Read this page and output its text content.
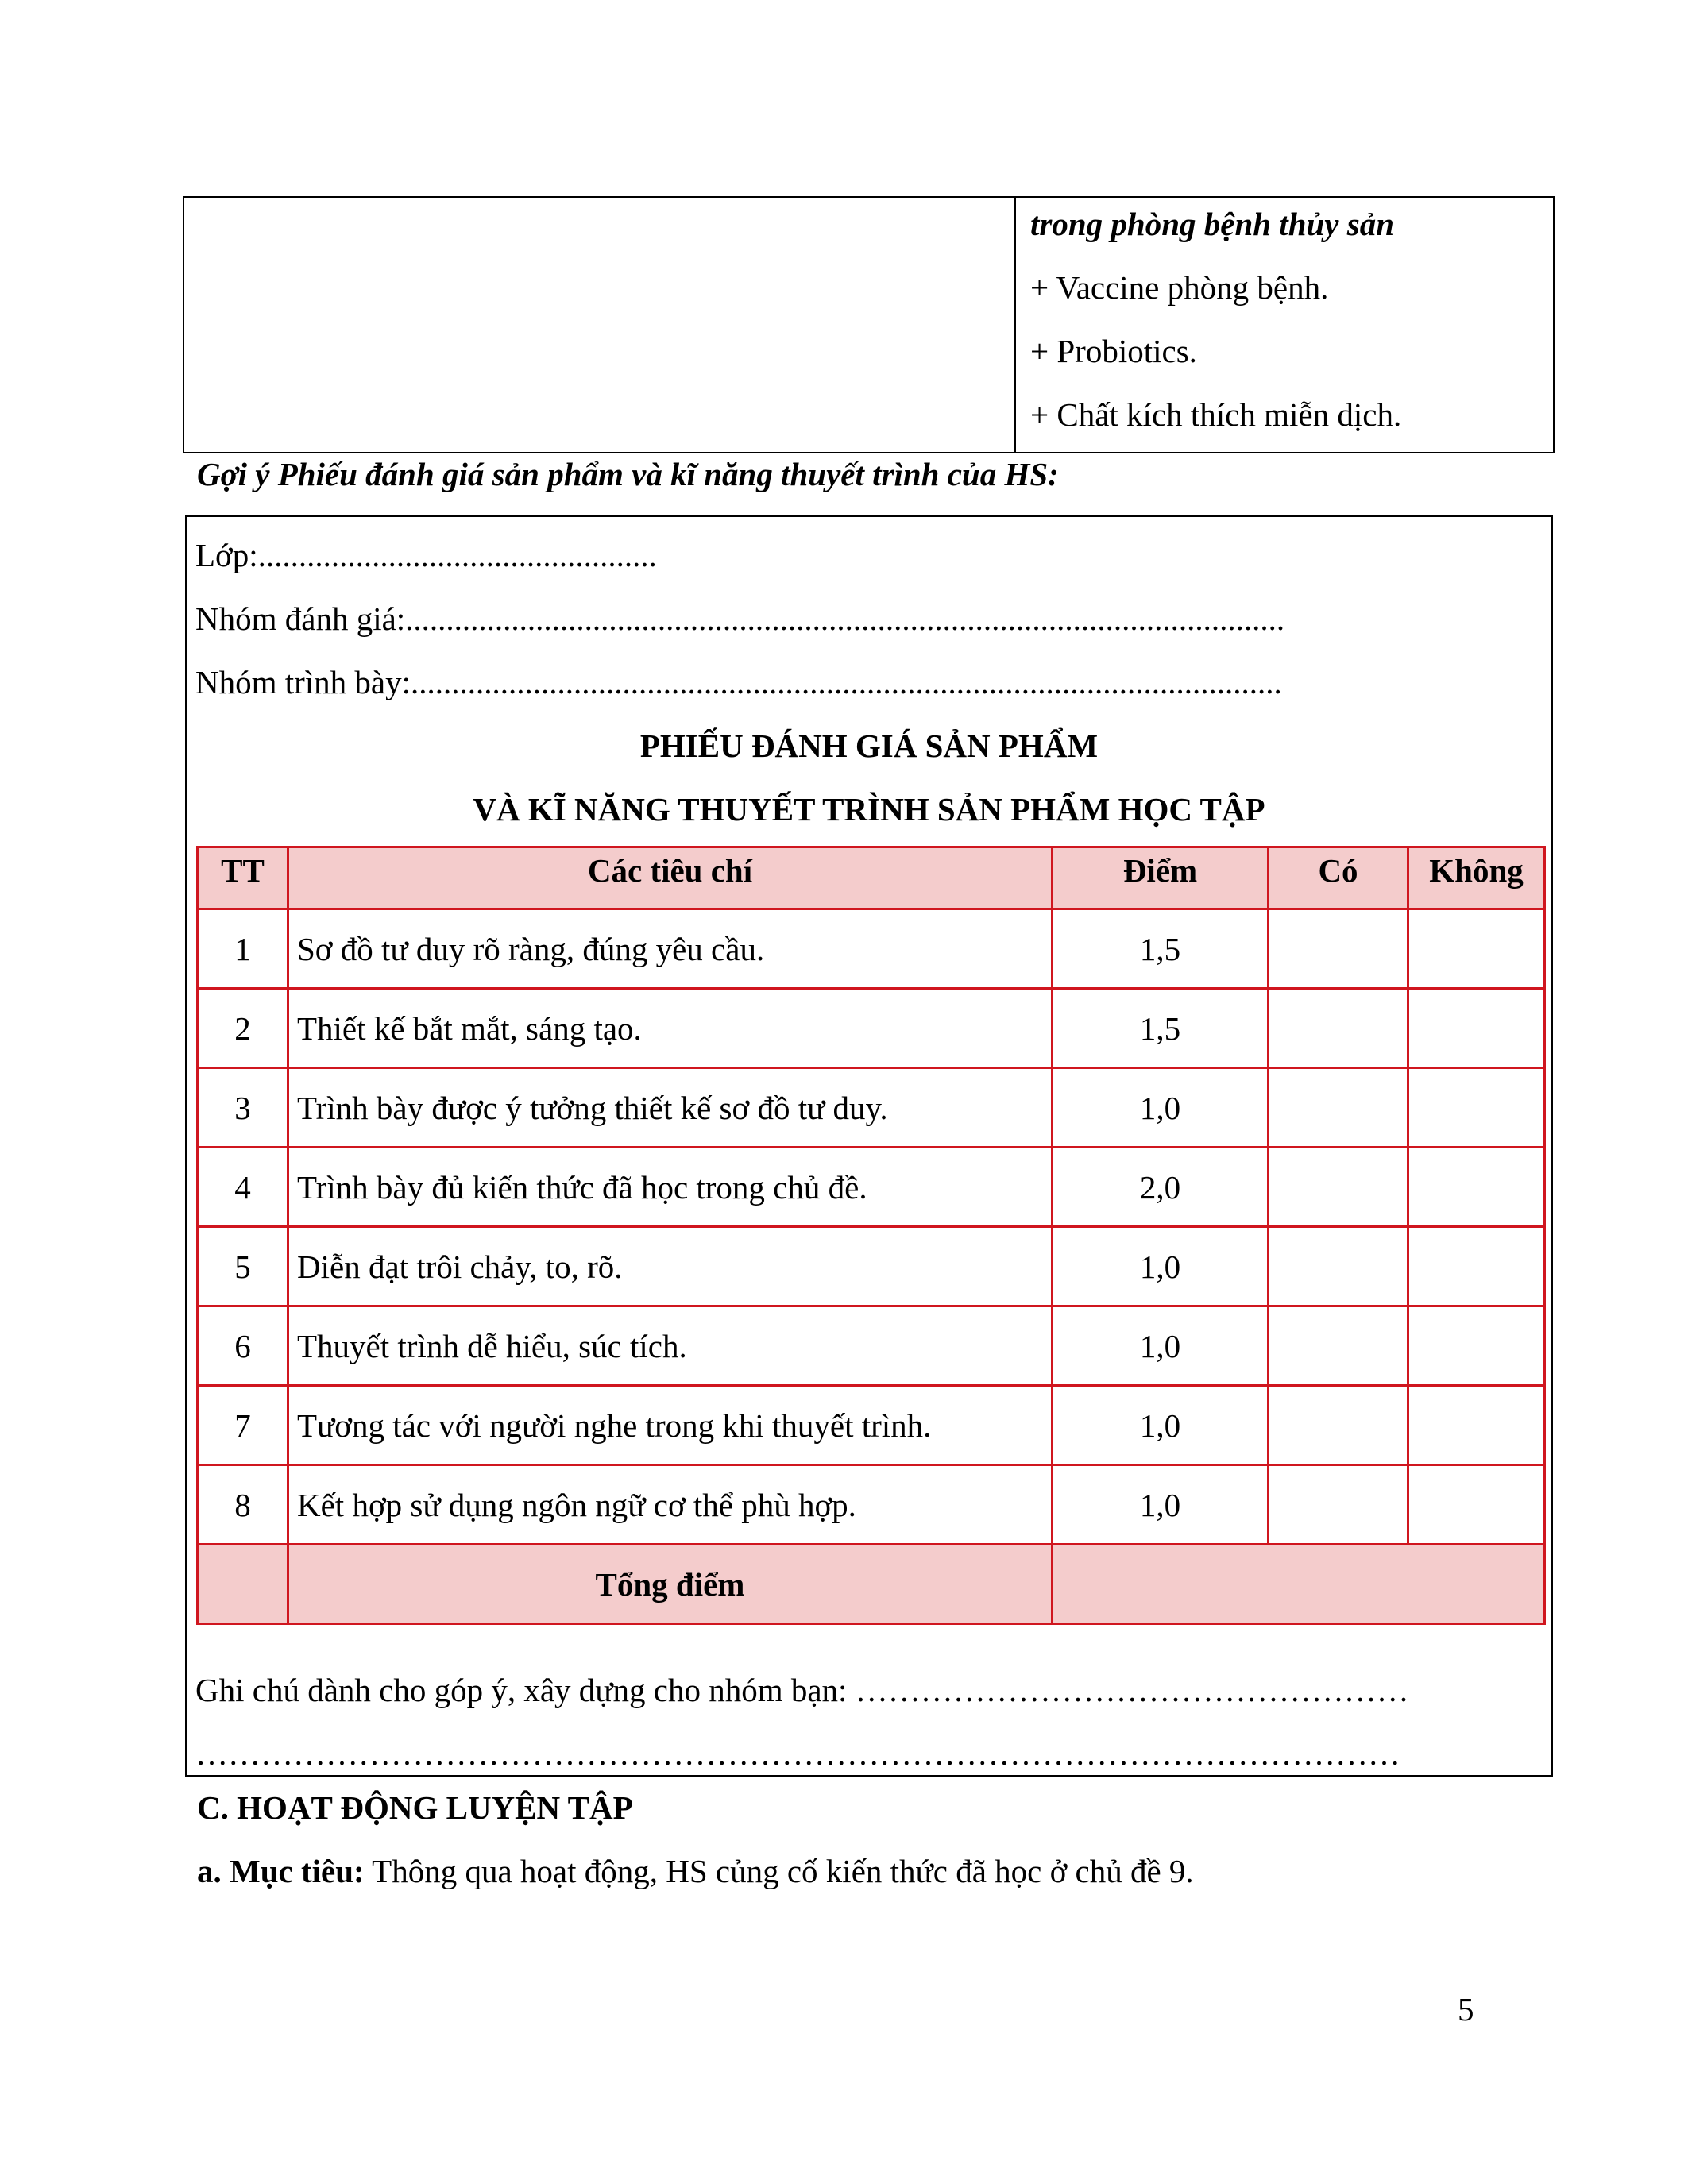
trong phòng bệnh thủy sản
+ Vaccine phòng bệnh.
+ Probiotics.
+ Chất kích thích miễn dịch.
Gợi ý Phiếu đánh giá sản phẩm và kĩ năng thuyết trình của HS:
Lớp:.................................................
Nhóm đánh giá:............................................................................................................
Nhóm trình bày:...........................................................................................................
PHIẾU ĐÁNH GIÁ SẢN PHẨM
VÀ KĨ NĂNG THUYẾT TRÌNH SẢN PHẨM HỌC TẬP
TT	Các tiêu chí	Điểm	Có	Không
1	Sơ đồ tư duy rõ ràng, đúng yêu cầu.	1,5		
2	Thiết kế bắt mắt, sáng tạo.	1,5		
3	Trình bày được ý tưởng thiết kế sơ đồ tư duy.	1,0		
4	Trình bày đủ kiến thức đã học trong chủ đề.	2,0		
5	Diễn đạt trôi chảy, to, rõ.	1,0		
6	Thuyết trình dễ hiểu, súc tích.	1,0		
7	Tương tác với người nghe trong khi thuyết trình.	1,0		
8	Kết hợp sử dụng ngôn ngữ cơ thể phù hợp.	1,0		
	Tổng điểm			
Ghi chú dành cho góp ý, xây dựng cho nhóm bạn: ……………………………………………
…………………………………………………………………………………………………
C. HOẠT ĐỘNG LUYỆN TẬP
a. Mục tiêu: Thông qua hoạt động, HS củng cố kiến thức đã học ở chủ đề 9.
5
